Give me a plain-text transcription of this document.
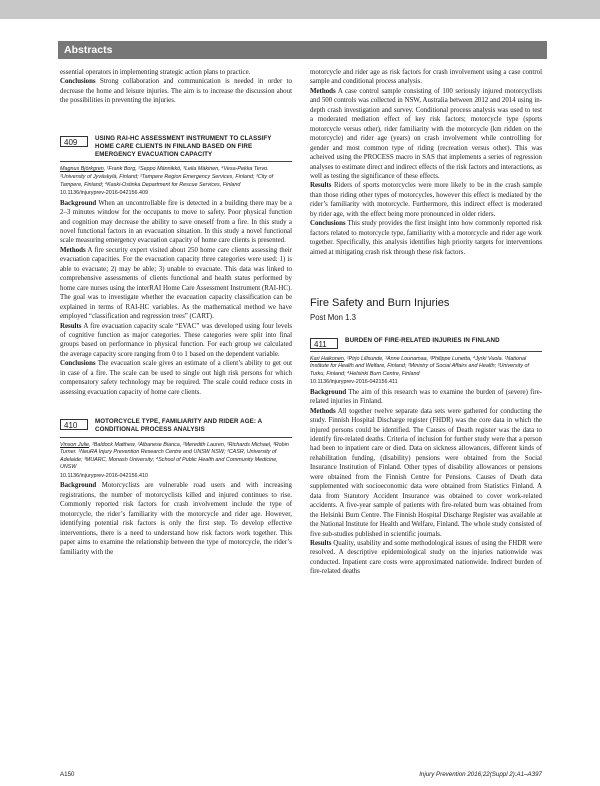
Abstracts

essential operators in implementing strategic action plans to practice.

Conclusions Strong collaboration and communication is needed in order to decrease the home and leisure injuries. The aim is to increase the discussion about the possibilities in preventing the injuries.

409	USING RAI-HC ASSESSMENT INSTRUMENT TO CLASSIFY HOME CARE CLIENTS IN FINLAND BASED ON FIRE EMERGENCY EVACUATION CAPACITY

Magnus Björkgren, ¹Frank Borg, ²Seppo Männikkö, ³Leila Mäkinen, ⁴Vesa-Pekka Tervo. ¹University of Jyväskylä, Finland; ²Tampere Region Emergency Services, Finland; ³City of Tampere, Finland; ⁴Kaski-Ostinka Department for Rescue Services, Finland

10.1136/injuryprev-2016-042156.409

Background When an uncontrollable fire is detected in a building there may be a 2–3 minutes window for the occupants to move to safety. Poor physical function and cognition may decrease the ability to save oneself from a fire. In this study a novel functional factors in an evacuation situation. In this study a novel functional scale measuring emergency evacuation capacity of home care clients is presented.

Methods A fire security expert visited about 250 home care clients assessing their evacuation capacities. For the evacuation capacity three categories were used: 1) is able to evacuate; 2) may be able; 3) unable to evacuate. This data was linked to comprehensive assessments of clients functional and health status performed by home care nurses using the interRAI Home Care Assessment Instrument (RAI-HC). The goal was to investigate whether the evacuation capacity classification can be explained in terms of RAI-HC variables. As the mathematical method we have employed “classification and regression trees” (CART).

Results A fire evacuation capacity scale “EVAC” was developed using four levels of cognitive function as major categories. These categories were split into final groups based on performance in physical function. For each group we calculated the average capacity score ranging from 0 to 1 based on the dependent variable.

Conclusions The evacuation scale gives an estimate of a client’s ability to get out in case of a fire. The scale can be used to single out high risk persons for which compensatory safety technology may be required. The scale could reduce costs in assessing evacuation capacity of home care clients.

410	MOTORCYCLE TYPE, FAMILIARITY AND RIDER AGE: A CONDITIONAL PROCESS ANALYSIS

Vinson Julie, ¹Baldock Matthew, ²Albanese Bianca, ²Meredith Lauren, ²Richards Michael, ³Robin Turner. ¹NeuRA Injury Prevention Research Centre and UNSW NSW; ²CASR, University of Adelaide; ³MUARC, Monash University; ⁴School of Public Health and Community Medicine, UNSW

10.1136/injuryprev-2016-042156.410

Background Motorcyclists are vulnerable road users and with increasing registrations, the number of motorcyclists killed and injured continues to rise. Commonly reported risk factors for crash involvement include the type of motorcycle, the rider’s familiarity with the motorcycle and rider age. However, identifying potential risk factors is only the first step. To develop effective interventions, there is a need to understand how risk factors work together. This paper aims to examine the relationship between the type of motorcycle, the rider’s familiarity with the

motorcycle and rider age as risk factors for crash involvement using a case control sample and conditional process analysis.

Methods A case control sample consisting of 100 seriously injured motorcyclists and 500 controls was collected in NSW, Australia between 2012 and 2014 using in-depth crash investigation and survey. Conditional process analysis was used to test a moderated mediation effect of key risk factors; motorcycle type (sports motorcycle versus other), rider familiarity with the motorcycle (km ridden on the motorcycle) and rider age (years) on crash involvement while controlling for gender and most common type of riding (recreation versus other). This was acheived using the PROCESS macro in SAS that implements a series of regression analyses to estimate direct and indirect effects of the risk factors and interactions, as well as testing the significance of these effects.

Results Riders of sports motorcycles were more likely to be in the crash sample than those riding other types of motorcycles, however this effect is mediated by the rider’s familiarity with motorcycle. Furthermore, this indirect effect is moderated by rider age, with the effect being more pronounced in older riders.

Conclusions This study provides the first insight into how commonly reported risk factors related to motorcycle type, familiarity with a motorcycle and rider age work together. Specifically, this analysis identifies high priority targets for interventions aimed at mitigating crash risk through these risk factors.

Fire Safety and Burn Injuries
Post Mon 1.3
411	BURDEN OF FIRE-RELATED INJURIES IN FINLAND

Kari Haikonen, ¹Pirjo Lillsunde, ²Anne Lounamaa, ³Philippe Lunetta, ⁴Jyrki Vuola. ¹National Institute for Health and Welfare, Finland; ²Ministry of Social Affairs and Health; ³University of Turku, Finland; ⁴Helsinki Burn Centre, Finland

10.1136/injuryprev-2016-042156.411

Background The aim of this research was to examine the burden of (severe) fire-related injuries in Finland.

Methods All together twelve separate data sets were gathered for conducting the study. Finnish Hospital Discharge register (FHDR) was the core data in which the injured persons could be identified. The Causes of Death register was the data to identify fire-related deaths. Criteria of inclusion for further study were that a person had been to inpatient care or died. Data on sickness allowances, different kinds of rehabilitation funding, (disability) pensions were obtained from the Social Insurance Institution of Finland. Other types of disability allowances or pensions were obtained from the Finnish Centre for Pensions. Causes of Death data supplemented with socioeconomic data were obtained from Statistics Finland. A data from Statutory Accident Insurance was obtained to cover work-related accidents. A five-year sample of patients with fire-related burn was obtained from the Helsinki Burn Centre. The Finnish Hospital Discharge Register was available at the National Institute for Health and Welfare, Finland. The whole study consisted of five sub-studies published in scientific journals.

Results Quality, usability and some methodological issues of using the FHDR were resolved. A descriptive epidemiological study on the injuries nationwide was conducted. Inpatient care costs were approximated nationwide. Indirect burden of fire-related deaths

A150	Injury Prevention 2016;22(Suppl 2):A1–A397
